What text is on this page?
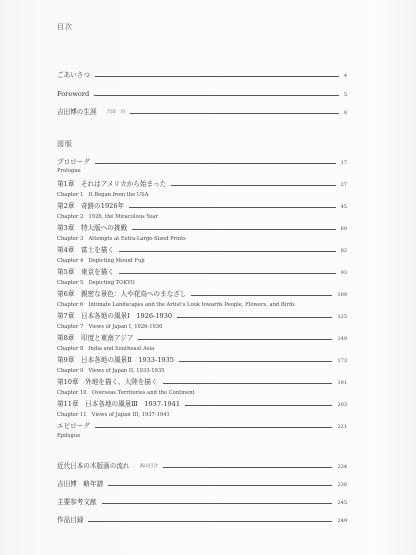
目次
ごあいさつ	4
Foreword	5
吉田博の生涯 吉田　司	8
図版
プロローグ	17
Prologue
第1章　それはアメリカから始まった	27
Chapter 1　It Began from the USA
第2章　奇跡の1926年	45
Chapter 2　1926, the Miraculous Year
第3章　特大版への挑戦	69
Chapter 3　Attempts at Extra-Large-Sized Prints
第4章　富士を描く	82
Chapter 4　Depicting Mount Fuji
第5章　東京を描く	93
Chapter 5　Depicting TOKYO
第6章　親密な景色：人や花鳥へのまなざし	109
Chapter 6　Intimate Landscapes and the Artist's Look towards People, Flowers, and Birds
第7章　日本各地の風景Ⅰ　1926-1930	125
Chapter 7　Views of Japan I, 1926-1930
第8章　印度と東南アジア	149
Chapter 8　India and Southeast Asia
第9章　日本各地の風景Ⅱ　1933-1935	173
Chapter 9　Views of Japan II, 1933-1935
第10章　外地を描く、大陸を描く	191
Chapter 10　Overseas Territories and the Continent
第11章　日本各地の風景Ⅲ　1937-1941	203
Chapter 11　Views of Japan III, 1937-1941
エピローグ	221
Epilogue
近代日本の木版画の流れ 高山百合	234
吉田博　略年譜	238
主要参考文献	245
作品目録	249
